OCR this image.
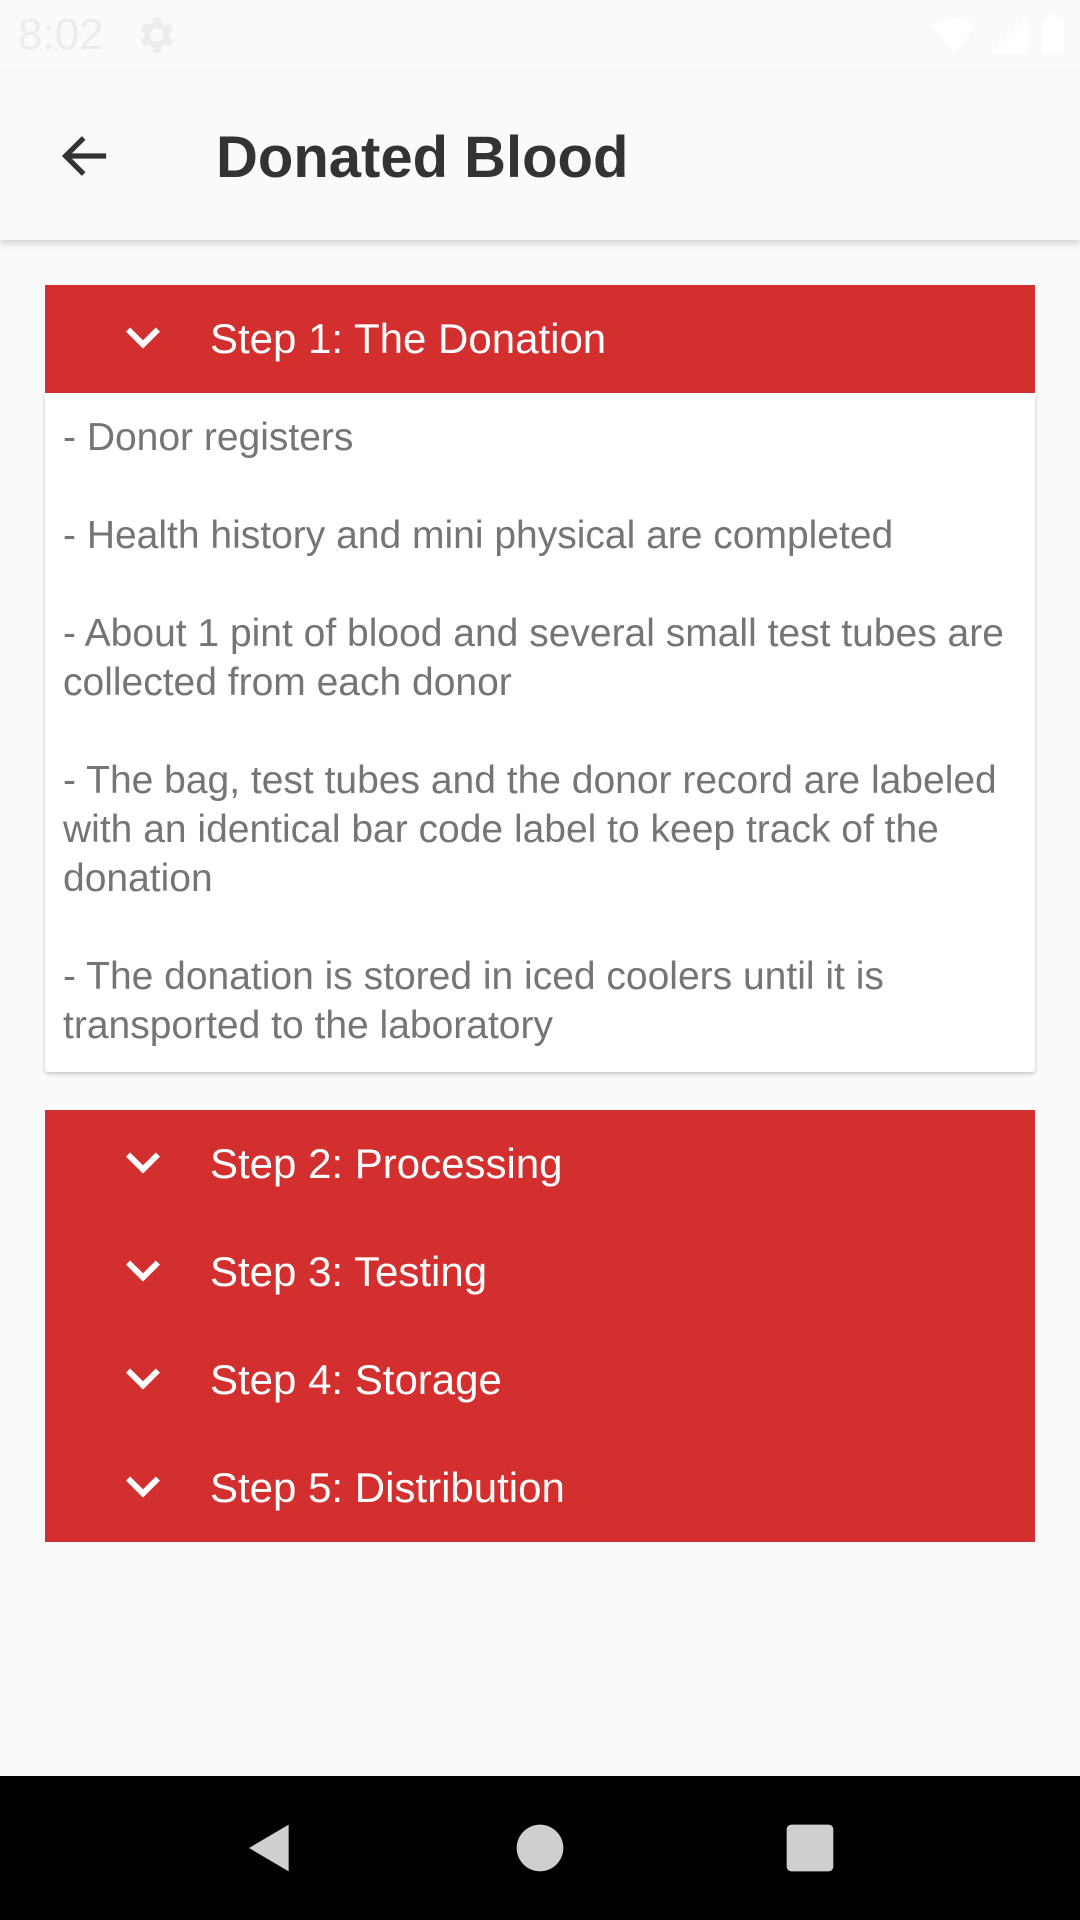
8:02
Donated Blood
Step 1: The Donation
- Donor registers
- Health history and mini physical are completed
- About 1 pint of blood and several small test tubes are collected from each donor
- The bag, test tubes and the donor record are labeled with an identical bar code label to keep track of the donation
- The donation is stored in iced coolers until it is transported to the laboratory
Step 2: Processing
Step 3: Testing
Step 4: Storage
Step 5: Distribution
